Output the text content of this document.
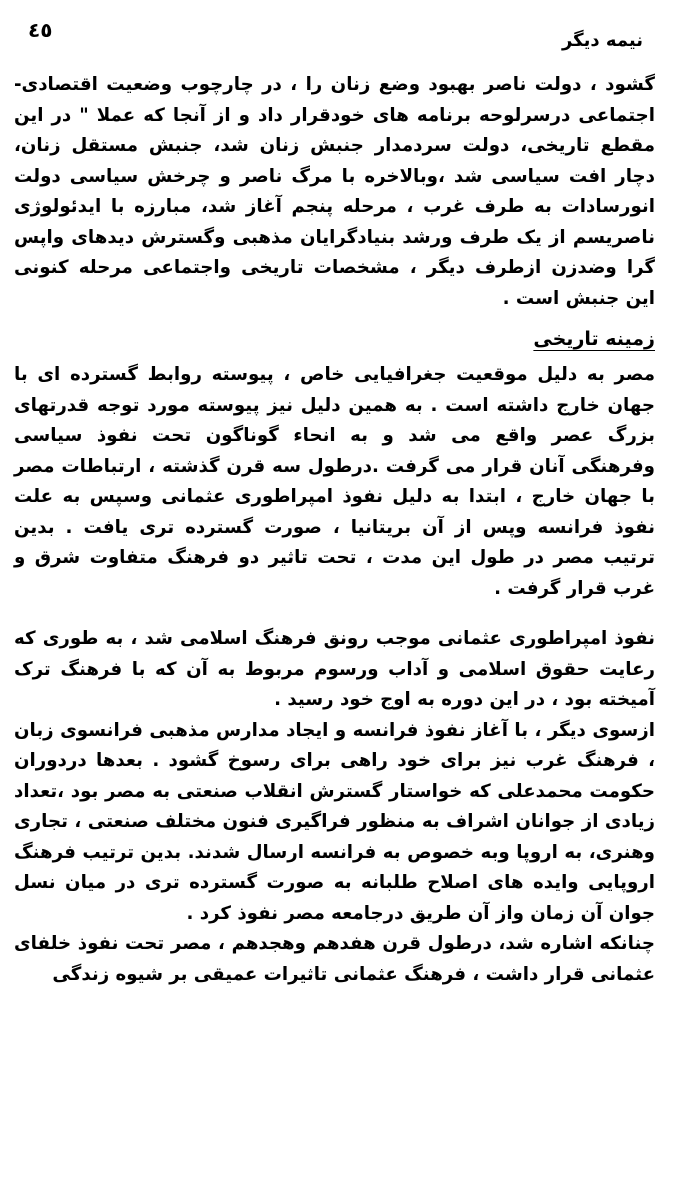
٤٥	نیمه دیگر

گشود ، دولت ناصر بهبود وضع زنان را ، در چارچوب وضعیت اقتصادی-اجتماعی درسرلوحه برنامه های خودقرار داد و از آنجا که عملا " در این مقطع تاریخی، دولت سردمدار جنبش زنان شد، جنبش مستقل زنان، دچار افت سیاسی شد ،وبالاخره با مرگ ناصر و چرخش سیاسی دولت انورسادات به طرف غرب ، مرحله پنجم آغاز شد، مبارزه با ایدئولوژی ناصریسم از یک طرف ورشد بنیادگرایان مذهبی وگسترش دیدهای واپس گرا وضدزن ازطرف دیگر ، مشخصات تاریخی واجتماعی مرحله کنونی این جنبش است .

زمینه تاریخی

مصر به دلیل موقعیت جغرافیایی خاص ، پیوسته روابط گسترده ای با جهان خارج داشته است . به همین دلیل نیز پیوسته مورد توجه قدرتهای بزرگ عصر واقع می شد و به انحاء گوناگون تحت نفوذ سیاسی وفرهنگی آنان قرار می گرفت .درطول سه قرن گذشته ، ارتباطات مصر با جهان خارج ، ابتدا به دلیل نفوذ امپراطوری عثمانی وسپس به علت نفوذ فرانسه وپس از آن بریتانیا ، صورت گسترده تری یافت . بدین ترتیب مصر در طول این مدت ، تحت تاثیر دو فرهنگ متفاوت شرق و غرب قرار گرفت .

نفوذ امپراطوری عثمانی موجب رونق فرهنگ اسلامی شد ، به طوری که رعایت حقوق اسلامی و آداب ورسوم مربوط به آن که با فرهنگ ترک آمیخته بود ، در این دوره به اوج خود رسید .

ازسوی دیگر ، با آغاز نفوذ فرانسه و ایجاد مدارس مذهبی فرانسوی زبان ، فرهنگ غرب نیز برای خود راهی برای رسوخ گشود . بعدها دردوران حکومت محمدعلی که خواستار گسترش انقلاب صنعتی به مصر بود ،تعداد زیادی از جوانان اشراف به منظور فراگیری فنون مختلف صنعتی ، تجاری وهنری، به اروپا وبه خصوص به فرانسه ارسال شدند. بدین ترتیب فرهنگ اروپایی وایده های اصلاح طلبانه به صورت گسترده تری در میان نسل جوان آن زمان واز آن طریق درجامعه مصر نفوذ کرد .

چنانکه اشاره شد، درطول قرن هفدهم وهجدهم ، مصر تحت نفوذ خلفای عثمانی قرار داشت ، فرهنگ عثمانی تاثیرات عمیقی بر شیوه زندگی
